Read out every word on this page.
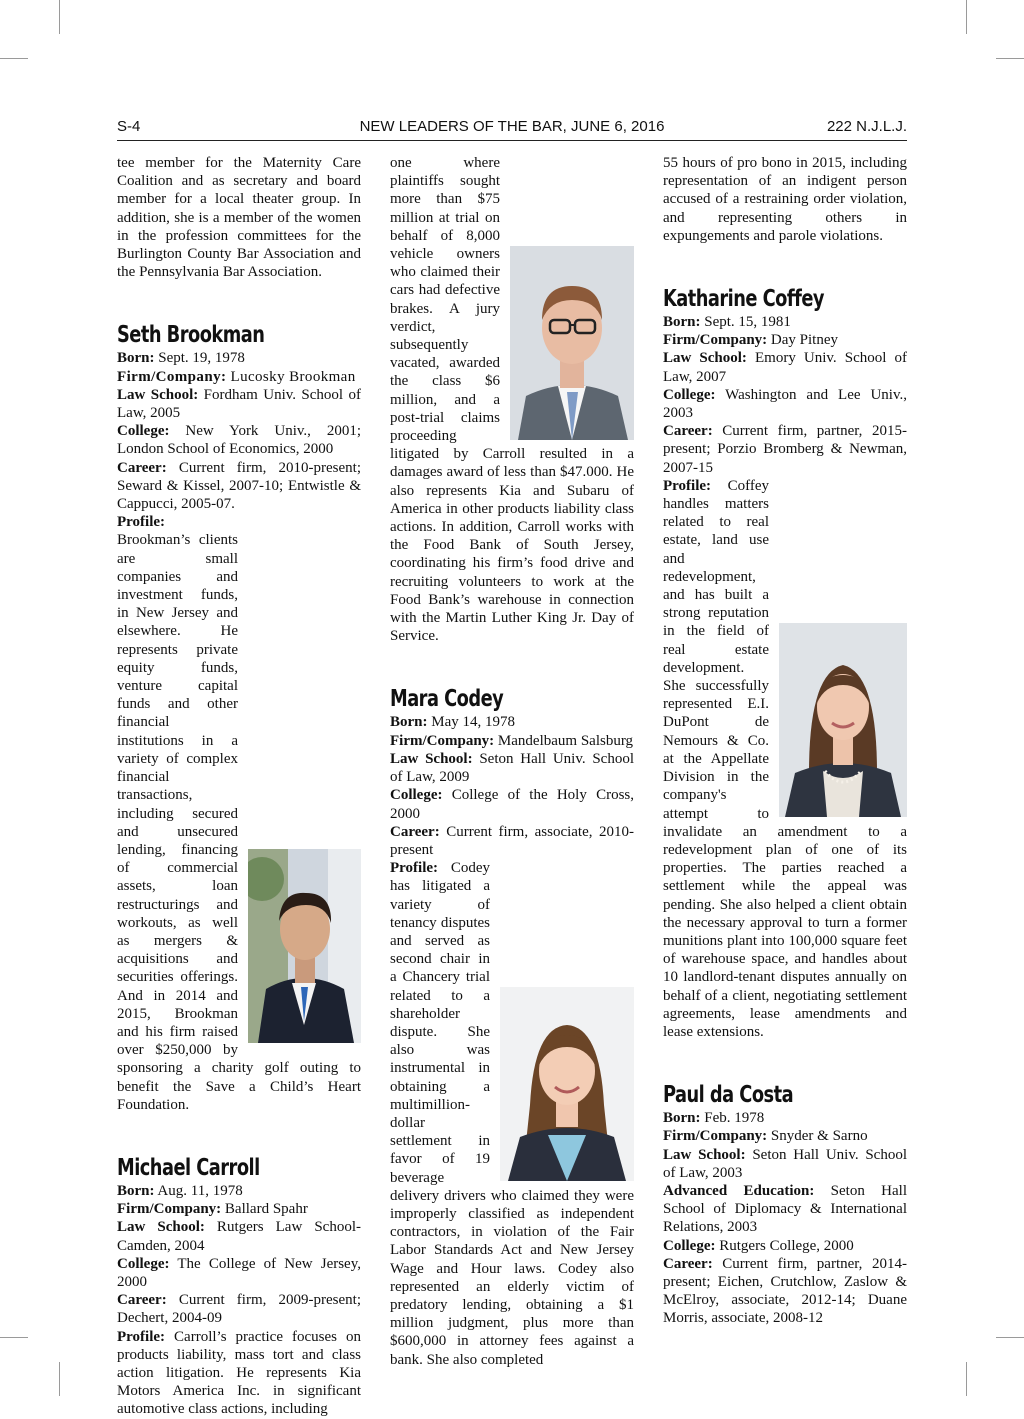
S-4	NEW LEADERS OF THE BAR, JUNE 6, 2016	222 N.J.L.J.

tee member for the Maternity Care Coalition and as secretary and board member for a local theater group. In addition, she is a member of the women in the profession committees for the Burlington County Bar Association and the Pennsylvania Bar Association.

Seth Brookman

Born: Sept. 19, 1978

Firm/Company: Lucosky Brookman

Law School: Fordham Univ. School of Law, 2005

College: New York Univ., 2001; London School of Economics, 2000

Career: Current firm, 2010-present; Seward & Kissel, 2007-10; Entwistle & Cappucci, 2005-07.

Profile: Brookman’s clients are small companies and investment funds, in New Jersey and elsewhere. He represents private equity funds, venture capital funds and other financial institutions in a variety of complex financial transactions, including secured and unsecured lending, financing of commercial assets, loan restructurings and workouts, as well as mergers & acquisitions and securities offerings. And in 2014 and 2015, Brookman and his firm raised over $250,000 by sponsoring a charity golf outing to benefit the Save a Child’s Heart Foundation.

Michael Carroll

Born: Aug. 11, 1978

Firm/Company: Ballard Spahr

Law School: Rutgers Law School-Camden, 2004

College: The College of New Jersey, 2000

Career: Current firm, 2009-present; Dechert, 2004-09

Profile: Carroll’s practice focuses on products liability, mass tort and class action litigation. He represents Kia Motors America Inc. in significant automotive class actions, including

one where plaintiffs sought more than $75 million at trial on behalf of 8,000 vehicle owners who claimed their cars had defective brakes. A jury verdict, subsequently vacated, awarded the class $6 million, and a post-trial claims proceeding litigated by Carroll resulted in a damages award of less than $47.000. He also represents Kia and Subaru of America in other products liability class actions. In addition, Carroll works with the Food Bank of South Jersey, coordinating his firm’s food drive and recruiting volunteers to work at the Food Bank’s warehouse in connection with the Martin Luther King Jr. Day of Service.

Mara Codey

Born: May 14, 1978

Firm/Company: Mandelbaum Salsburg

Law School: Seton Hall Univ. School of Law, 2009

College: College of the Holy Cross, 2000

Career: Current firm, associate, 2010-present

Profile: Codey has litigated a variety of tenancy disputes and served as second chair in a Chancery trial related to a shareholder dispute. She also was instrumental in obtaining a multimillion-dollar settlement in favor of 19 beverage delivery drivers who claimed they were improperly classified as independent contractors, in violation of the Fair Labor Standards Act and New Jersey Wage and Hour laws. Codey also represented an elderly victim of predatory lending, obtaining a $1 million judgment, plus more than $600,000 in attorney fees against a bank. She also completed

55 hours of pro bono in 2015, including representation of an indigent person accused of a restraining order violation, and representing others in expungements and parole violations.

Katharine Coffey

Born: Sept. 15, 1981

Firm/Company: Day Pitney

Law School: Emory Univ. School of Law, 2007

College: Washington and Lee Univ., 2003

Career: Current firm, partner, 2015-present; Porzio Bromberg & Newman, 2007-15

Profile: Coffey handles matters related to real estate, land use and redevelopment, and has built a strong reputation in the field of real estate development. She successfully represented E.I. DuPont de Nemours & Co. at the Appellate Division in the company's attempt to invalidate an amendment to a redevelopment plan of one of its properties. The parties reached a settlement while the appeal was pending. She also helped a client obtain the necessary approval to turn a former munitions plant into 100,000 square feet of warehouse space, and handles about 10 landlord-tenant disputes annually on behalf of a client, negotiating settlement agreements, lease amendments and lease extensions.

Paul da Costa

Born: Feb. 1978

Firm/Company: Snyder & Sarno

Law School: Seton Hall Univ. School of Law, 2003

Advanced Education: Seton Hall School of Diplomacy & International Relations, 2003

College: Rutgers College, 2000

Career: Current firm, partner, 2014-present; Eichen, Crutchlow, Zaslow & McElroy, associate, 2012-14; Duane Morris, associate, 2008-12
